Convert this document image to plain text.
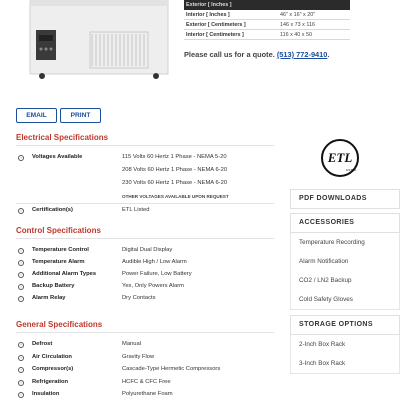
Exterior [ Inches ]
Interior [ Inches ]	46" x 16" x 20"
Exterior [ Centimeters ]	146 x 73 x 116
Interior [ Centimeters ]	116 x 40 x 50
Please call us for a quote. (513) 772-9410.
EMAIL	PRINT
Electrical Specifications
›	Voltages Available	115 Volts 60 Hertz 1 Phase - NEMA 5-20
208 Volts 60 Hertz 1 Phase - NEMA 6-20
230 Volts 60 Hertz 1 Phase - NEMA 6-20
OTHER VOLTAGES AVAILABLE UPON REQUEST
›	Certification(s)	ETL Listed
Control Specifications
›	Temperature Control	Digital Dual Display
›	Temperature Alarm	Audible High / Low Alarm
›	Additional Alarm Types	Power Failure, Low Battery
›	Backup Battery	Yes, Only Powers Alarm
›	Alarm Relay	Dry Contacts
General Specifications
›	Defrost	Manual
›	Air Circulation	Gravity Flow
›	Compressor(s)	Cascade-Type Hermetic Compressors
›	Refrigeration	HCFC & CFC Free
›	Insulation	Polyurethane Foam
ETL
LISTED
PDF DOWNLOADS
ACCESSORIES
Temperature Recording
Alarm Notification
CO2 / LN2 Backup
Cold Safety Gloves
STORAGE OPTIONS
2-Inch Box Rack
3-Inch Box Rack
